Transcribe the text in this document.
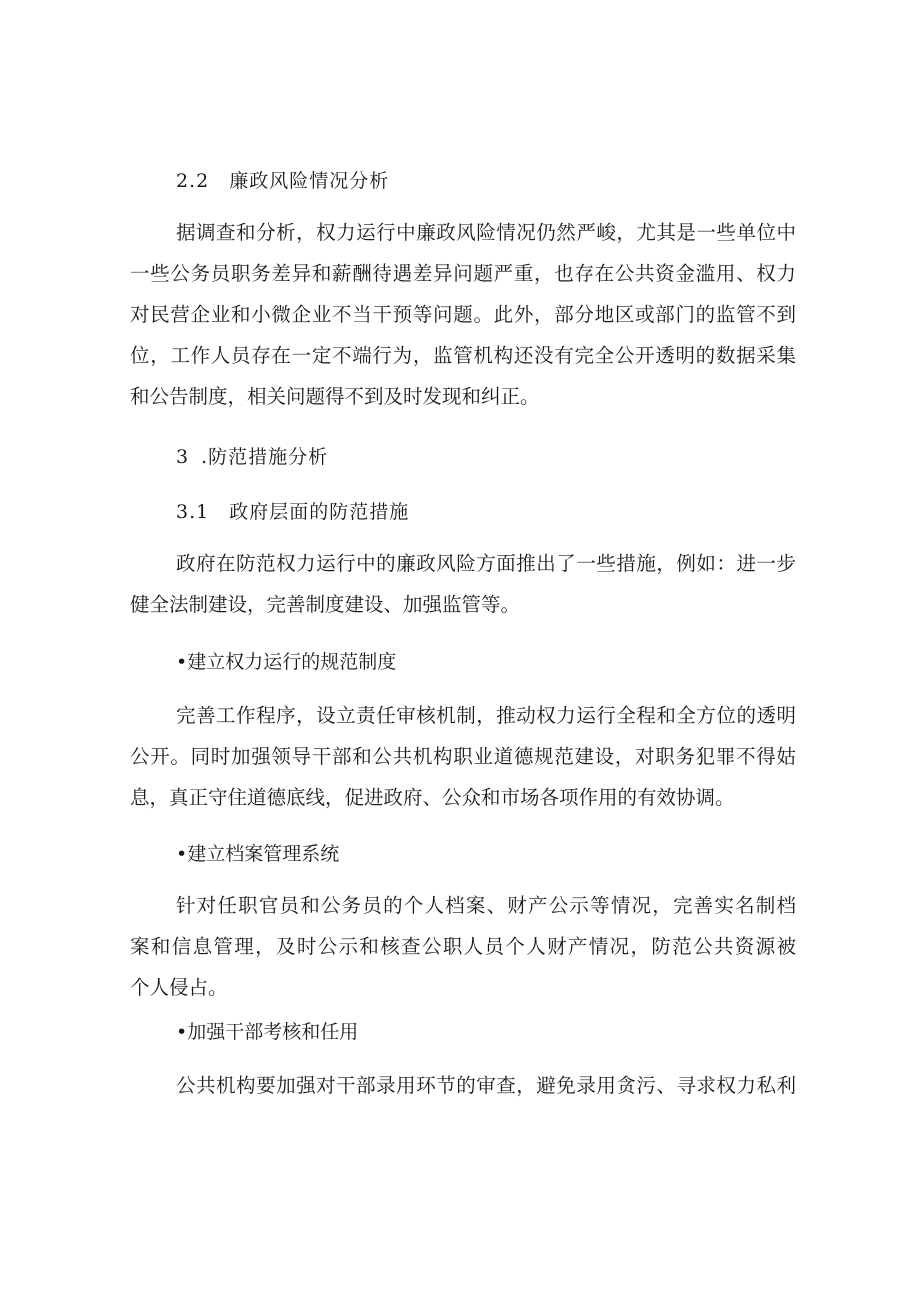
2.2 廉政风险情况分析
据调查和分析，权力运行中廉政风险情况仍然严峻，尤其是一些单位中
一些公务员职务差异和薪酬待遇差异问题严重，也存在公共资金滥用、权力
对民营企业和小微企业不当干预等问题。此外，部分地区或部门的监管不到
位，工作人员存在一定不端行为，监管机构还没有完全公开透明的数据采集
和公告制度，相关问题得不到及时发现和纠正。
3 .防范措施分析
3.1 政府层面的防范措施
政府在防范权力运行中的廉政风险方面推出了一些措施，例如：进一步
健全法制建设，完善制度建设、加强监管等。
•建立权力运行的规范制度
完善工作程序，设立责任审核机制，推动权力运行全程和全方位的透明
公开。同时加强领导干部和公共机构职业道德规范建设，对职务犯罪不得姑
息，真正守住道德底线，促进政府、公众和市场各项作用的有效协调。
•建立档案管理系统
针对任职官员和公务员的个人档案、财产公示等情况，完善实名制档
案和信息管理，及时公示和核查公职人员个人财产情况，防范公共资源被
个人侵占。
•加强干部考核和任用
公共机构要加强对干部录用环节的审查，避免录用贪污、寻求权力私利
